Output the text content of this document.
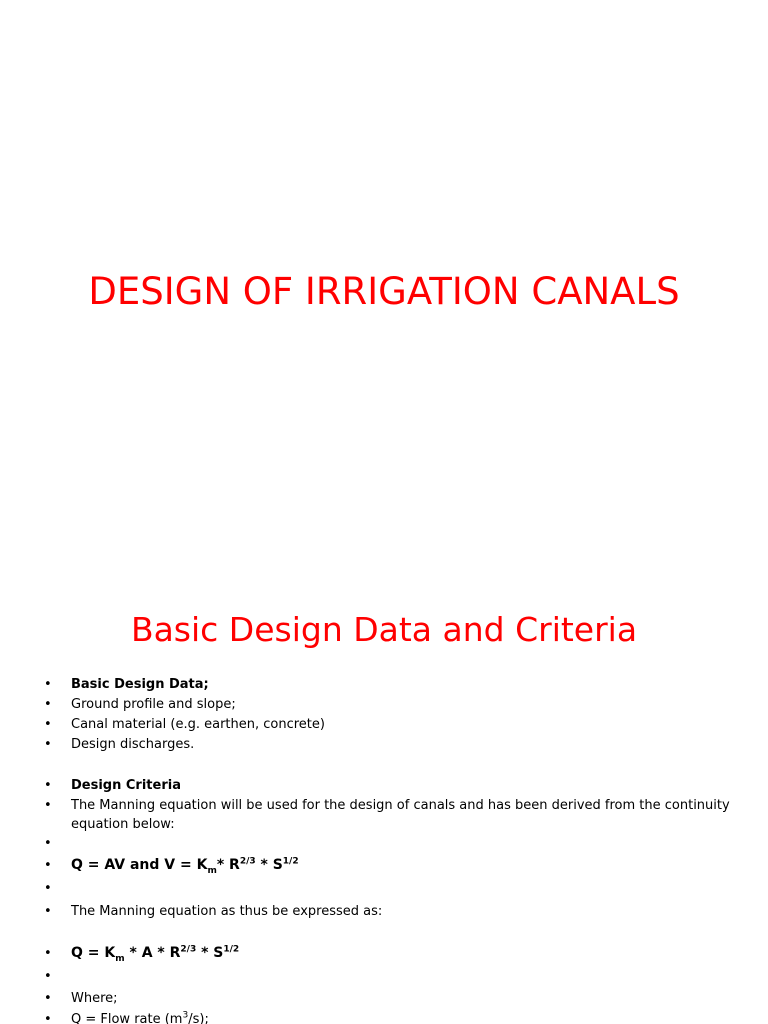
DESIGN OF IRRIGATION CANALS
Basic Design Data and Criteria
• Basic Design Data;
• Ground profile and slope;
• Canal material (e.g. earthen, concrete)
• Design discharges.
• Design Criteria
• The Manning equation will be used for the design of canals and has been derived from the continuity equation below:
•
• Q = AV and $V = K_m*$ $R^{2/3} * S^{1/2}$
•
• The Manning equation as thus be expressed as:
• $Q = K_m * A * R^{2/3} * S^{1/2}$
•
• Where;
• Q = Flow rate $(m^3/s)$;
